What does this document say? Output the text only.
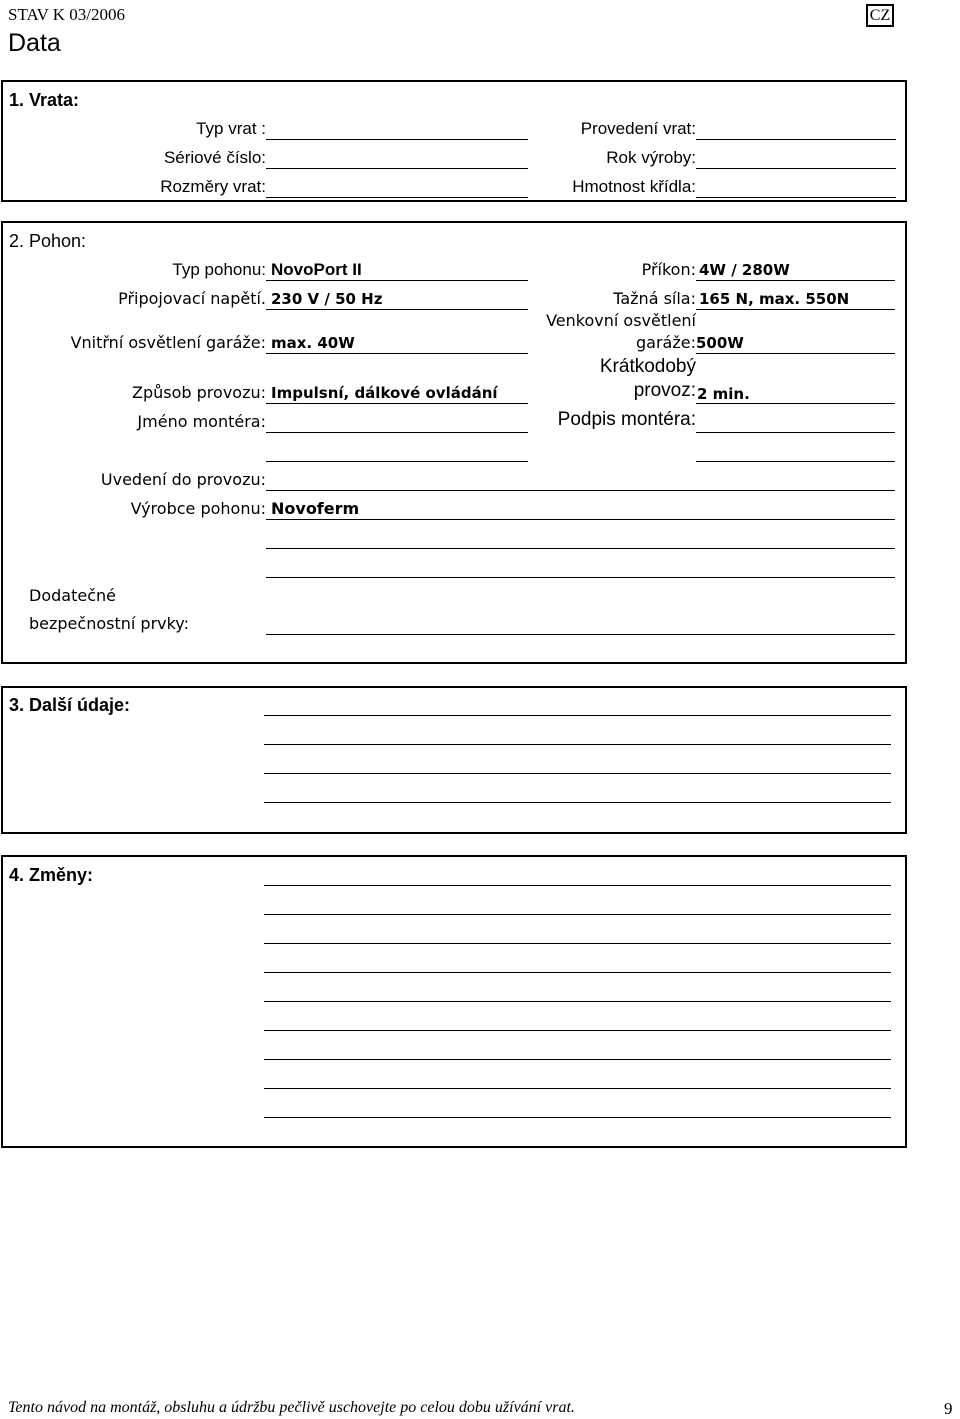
STAV K 03/2006
Data
CZ
1. Vrata:
Typ vrat :
Sériové číslo:
Rozměry vrat:
Provedení vrat:
Rok výroby:
Hmotnost křídla:
2. Pohon:
Typ pohonu: NovoPort II
Připojovací napětí. 230 V / 50 Hz
Vnitřní osvětlení garáže: max. 40W
Způsob provozu: Impulsní, dálkové ovládání
Jméno montéra:
Uvedení do provozu:
Výrobce pohonu: Novoferm
Dodatečné
bezpečnostní prvky:
Příkon: 4W / 280W
Tažná síla: 165 N, max. 550N
Venkovní osvětlení
garáže: 500W
Krátkodobý
provoz: 2 min.
Podpis montéra:
3. Další údaje:
4. Změny:
Tento návod na montáž, obsluhu a údržbu pečlivě uschovejte po celou dobu užívání vrat.	9
